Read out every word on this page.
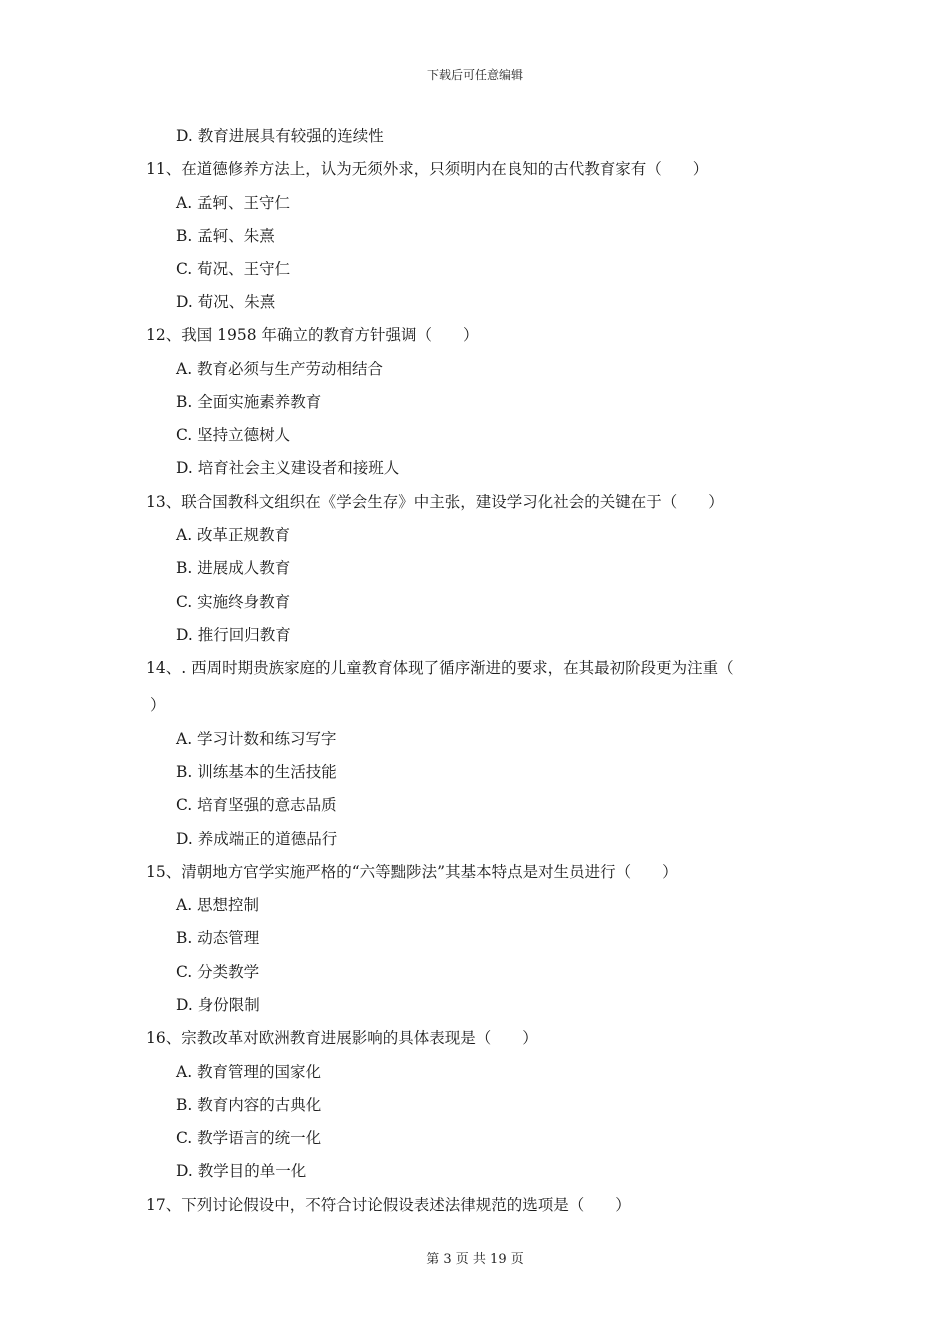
下载后可任意编辑
D. 教育进展具有较强的连续性
11、在道德修养方法上，认为无须外求，只须明内在良知的古代教育家有（　　）
A. 孟轲、王守仁
B. 孟轲、朱熹
C. 荀况、王守仁
D. 荀况、朱熹
12、我国 1958 年确立的教育方针强调（　　）
A. 教育必须与生产劳动相结合
B. 全面实施素养教育
C. 坚持立德树人
D. 培育社会主义建设者和接班人
13、联合国教科文组织在《学会生存》中主张，建设学习化社会的关键在于（　　）
A. 改革正规教育
B. 进展成人教育
C. 实施终身教育
D. 推行回归教育
14、. 西周时期贵族家庭的儿童教育体现了循序渐进的要求，在其最初阶段更为注重（
）
A. 学习计数和练习写字
B. 训练基本的生活技能
C. 培育坚强的意志品质
D. 养成端正的道德品行
15、清朝地方官学实施严格的“六等黜陟法”其基本特点是对生员进行（　　）
A. 思想控制
B. 动态管理
C. 分类教学
D. 身份限制
16、宗教改革对欧洲教育进展影响的具体表现是（　　）
A. 教育管理的国家化
B. 教育内容的古典化
C. 教学语言的统一化
D. 教学目的单一化
17、下列讨论假设中，不符合讨论假设表述法律规范的选项是（　　）
第 3 页 共 19 页
